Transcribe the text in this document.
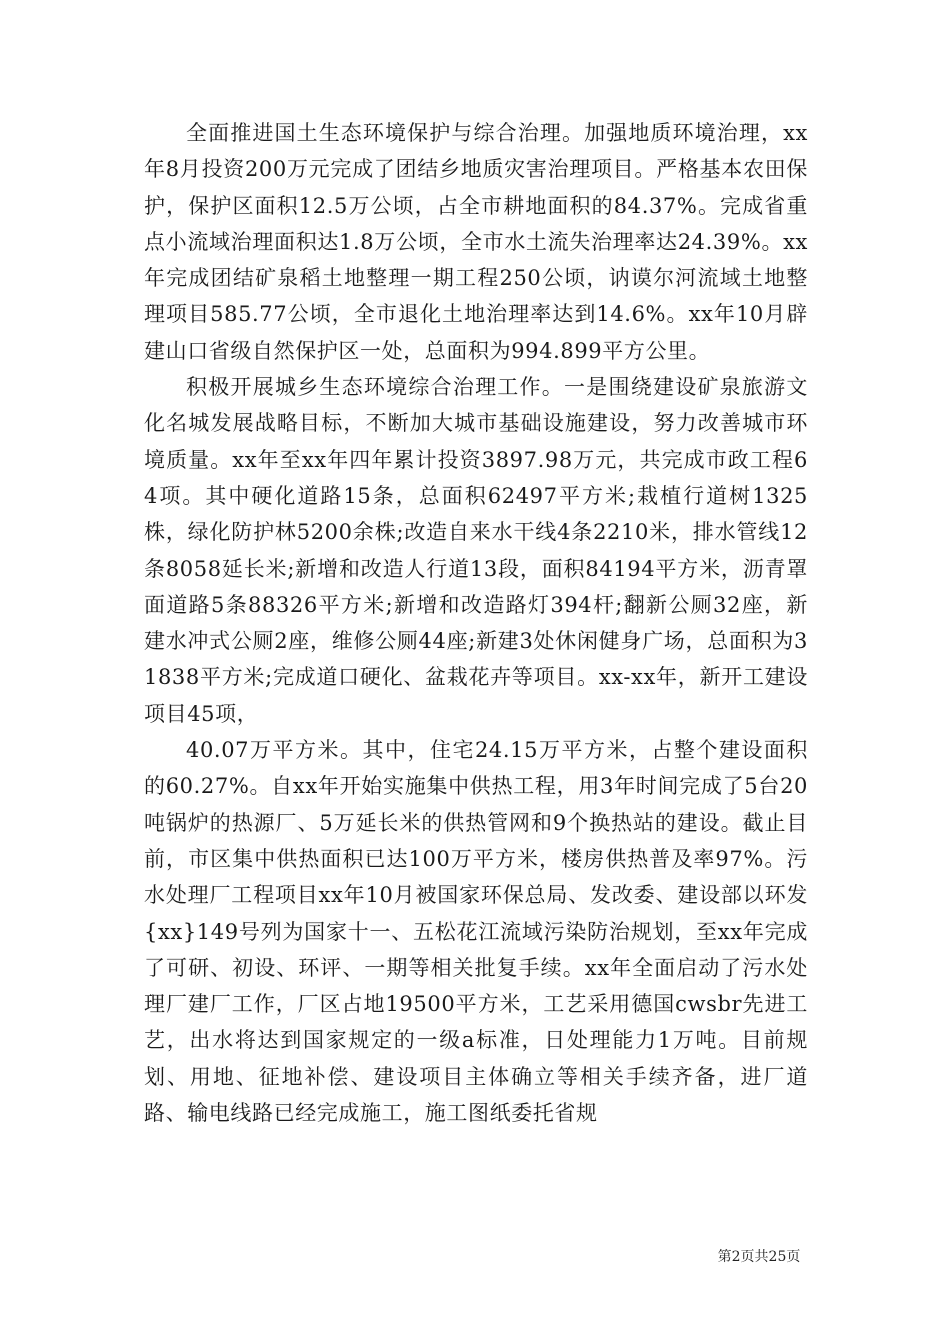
全面推进国土生态环境保护与综合治理。加强地质环境治理，xx年8月投资200万元完成了团结乡地质灾害治理项目。严格基本农田保护，保护区面积12.5万公顷，占全市耕地面积的84.37%。完成省重点小流域治理面积达1.8万公顷，全市水土流失治理率达24.39%。xx年完成团结矿泉稻土地整理一期工程250公顷，讷谟尔河流域土地整理项目585.77公顷，全市退化土地治理率达到14.6%。xx年10月辟建山口省级自然保护区一处，总面积为994.899平方公里。

积极开展城乡生态环境综合治理工作。一是围绕建设矿泉旅游文化名城发展战略目标，不断加大城市基础设施建设，努力改善城市环境质量。xx年至xx年四年累计投资3897.98万元，共完成市政工程64项。其中硬化道路15条，总面积62497平方米;栽植行道树1325株，绿化防护林5200余株;改造自来水干线4条2210米，排水管线12条8058延长米;新增和改造人行道13段，面积84194平方米，沥青罩面道路5条88326平方米;新增和改造路灯394杆;翻新公厕32座，新建水冲式公厕2座，维修公厕44座;新建3处休闲健身广场，总面积为31838平方米;完成道口硬化、盆栽花卉等项目。xx-xx年，新开工建设项目45项，

40.07万平方米。其中，住宅24.15万平方米，占整个建设面积的60.27%。自xx年开始实施集中供热工程，用3年时间完成了5台20吨锅炉的热源厂、5万延长米的供热管网和9个换热站的建设。截止目前，市区集中供热面积已达100万平方米，楼房供热普及率97%。污水处理厂工程项目xx年10月被国家环保总局、发改委、建设部以环发{xx}149号列为国家十一、五松花江流域污染防治规划，至xx年完成了可研、初设、环评、一期等相关批复手续。xx年全面启动了污水处理厂建厂工作，厂区占地19500平方米，工艺采用德国cwsbr先进工艺，出水将达到国家规定的一级a标准，日处理能力1万吨。目前规划、用地、征地补偿、建设项目主体确立等相关手续齐备，进厂道路、输电线路已经完成施工，施工图纸委托省规

第2页共25页
